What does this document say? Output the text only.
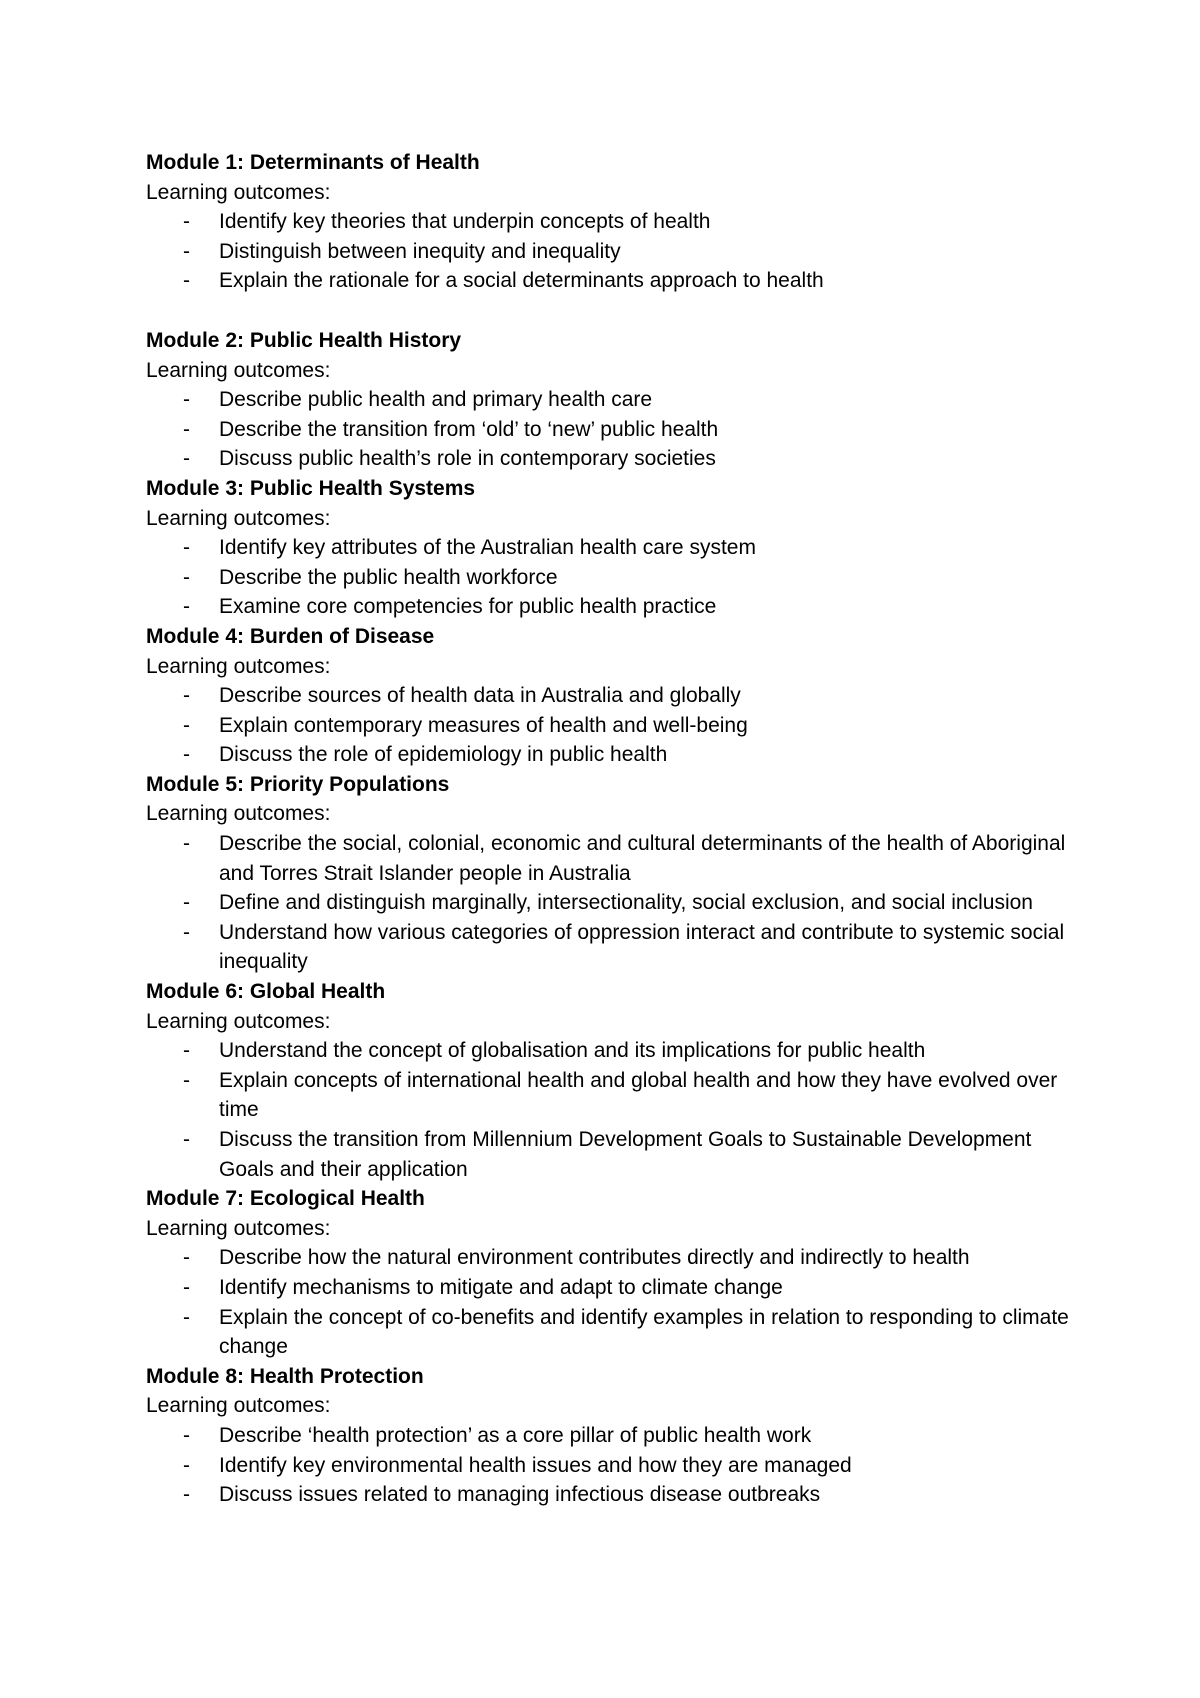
Module 1: Determinants of Health

Learning outcomes:

- Identify key theories that underpin concepts of health
- Distinguish between inequity and inequality
- Explain the rationale for a social determinants approach to health

Module 2: Public Health History

Learning outcomes:

- Describe public health and primary health care
- Describe the transition from ‘old’ to ‘new’ public health
- Discuss public health’s role in contemporary societies

Module 3: Public Health Systems

Learning outcomes:

- Identify key attributes of the Australian health care system
- Describe the public health workforce
- Examine core competencies for public health practice

Module 4: Burden of Disease

Learning outcomes:

- Describe sources of health data in Australia and globally
- Explain contemporary measures of health and well-being
- Discuss the role of epidemiology in public health

Module 5: Priority Populations

Learning outcomes:

- Describe the social, colonial, economic and cultural determinants of the health of Aboriginal and Torres Strait Islander people in Australia
- Define and distinguish marginally, intersectionality, social exclusion, and social inclusion
- Understand how various categories of oppression interact and contribute to systemic social inequality

Module 6: Global Health

Learning outcomes:

- Understand the concept of globalisation and its implications for public health
- Explain concepts of international health and global health and how they have evolved over time
- Discuss the transition from Millennium Development Goals to Sustainable Development Goals and their application

Module 7: Ecological Health

Learning outcomes:

- Describe how the natural environment contributes directly and indirectly to health
- Identify mechanisms to mitigate and adapt to climate change
- Explain the concept of co-benefits and identify examples in relation to responding to climate change

Module 8: Health Protection

Learning outcomes:

- Describe ‘health protection’ as a core pillar of public health work
- Identify key environmental health issues and how they are managed
- Discuss issues related to managing infectious disease outbreaks
